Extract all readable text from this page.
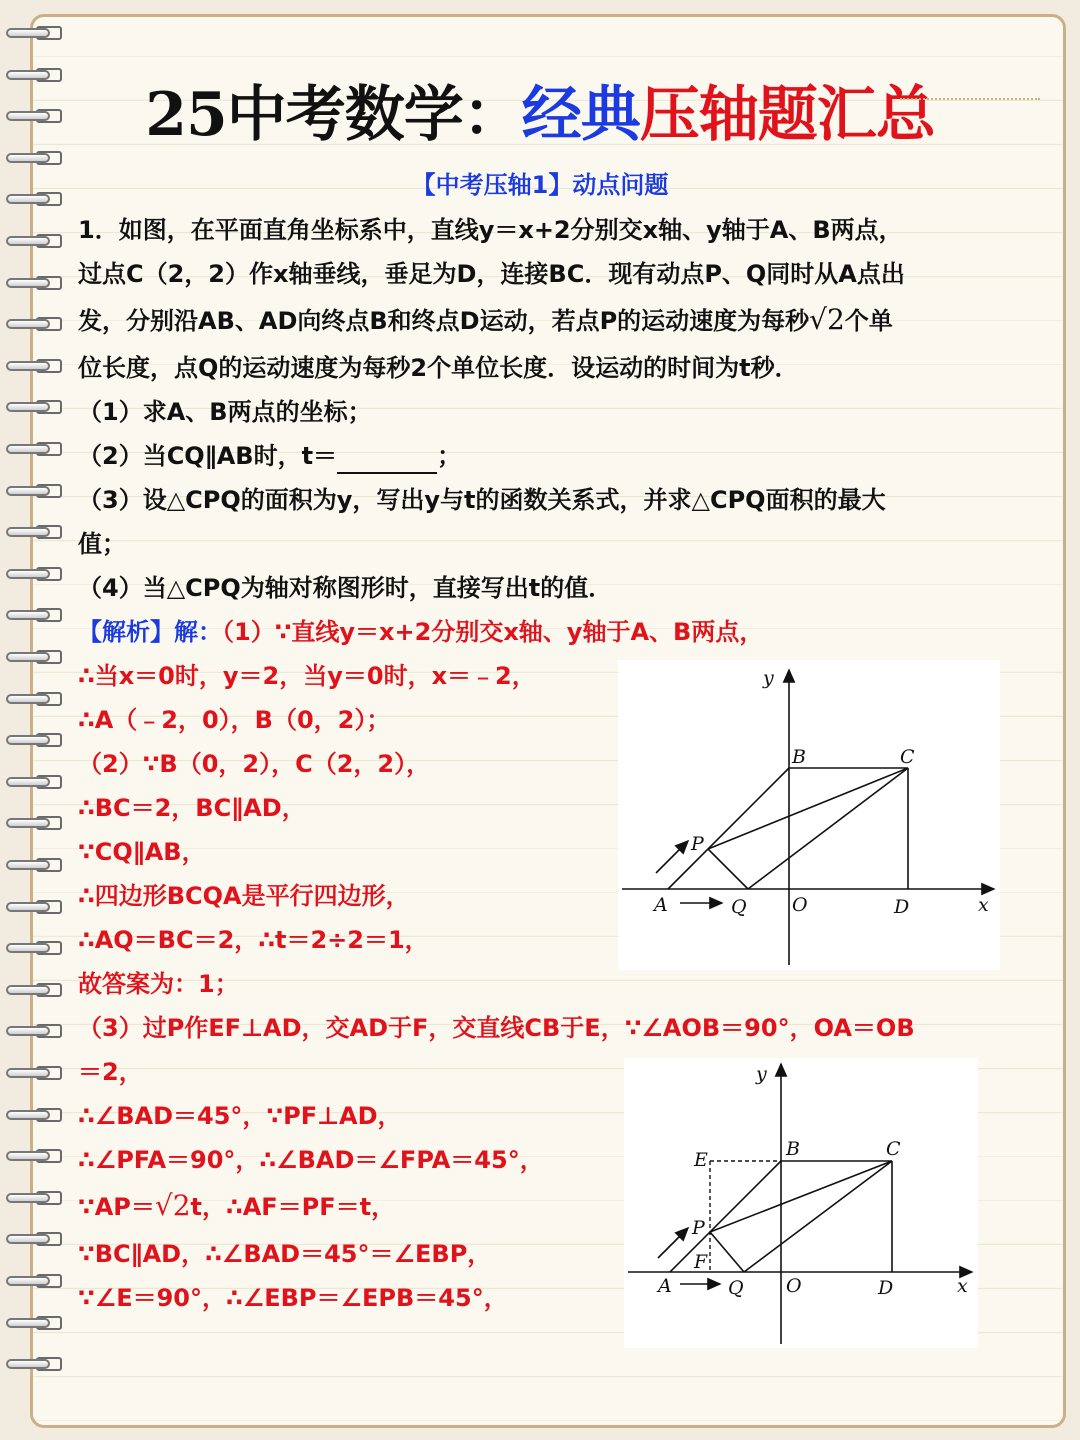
25中考数学：经典压轴题汇总
【中考压轴1】动点问题
1．如图，在平面直角坐标系中，直线y＝x+2分别交x轴、y轴于A、B两点，
过点C（2，2）作x轴垂线，垂足为D，连接BC．现有动点P、Q同时从A点出
发，分别沿AB、AD向终点B和终点D运动，若点P的运动速度为每秒√2个单
位长度，点Q的运动速度为每秒2个单位长度．设运动的时间为t秒．
（1）求A、B两点的坐标；
（2）当CQ∥AB时，t＝	；
（3）设△CPQ的面积为y，写出y与t的函数关系式，并求△CPQ面积的最大
值；
（4）当△CPQ为轴对称图形时，直接写出t的值．
【解析】解：（1）∵直线y＝x+2分别交x轴、y轴于A、B两点，
∴当x＝0时，y＝2，当y＝0时，x＝﹣2，
∴A（﹣2，0），B（0，2）；
（2）∵B（0，2），C（2，2），
∴BC＝2，BC∥AD，
∵CQ∥AB，
∴四边形BCQA是平行四边形，
∴AQ＝BC＝2，∴t＝2÷2＝1，
故答案为：1；
（3）过P作EF⊥AD，交AD于F，交直线CB于E，∵∠AOB＝90°，OA＝OB
＝2，
∴∠BAD＝45°，∵PF⊥AD，
∴∠PFA＝90°，∴∠BAD＝∠FPA＝45°，
∵AP＝√2t，∴AF＝PF＝t，
∵BC∥AD，∴∠BAD＝45°＝∠EBP，
∵∠E＝90°，∴∠EBP＝∠EPB＝45°，
y
x
B	C
D
O
P
Q
A
y
x
B	C
D
O
P
Q
A
E
F
